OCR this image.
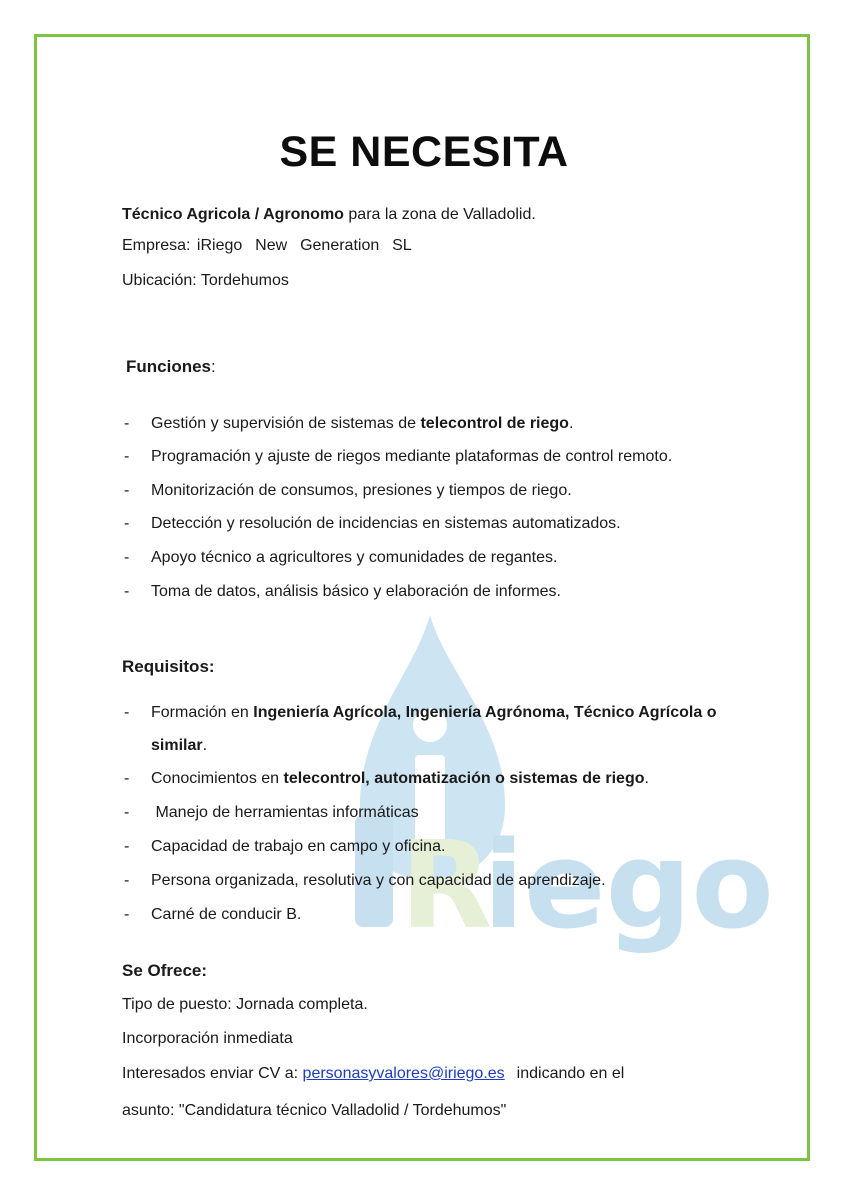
R
iego
SE NECESITA
Técnico Agricola / Agronomo para la zona de Valladolid.
Empresa: iRiego  New  Generation  SL
Ubicación: Tordehumos
Funciones:
- Gestión y supervisión de sistemas de telecontrol de riego.
- Programación y ajuste de riegos mediante plataformas de control remoto.
- Monitorización de consumos, presiones y tiempos de riego.
- Detección y resolución de incidencias en sistemas automatizados.
- Apoyo técnico a agricultores y comunidades de regantes.
- Toma de datos, análisis básico y elaboración de informes.
Requisitos:
- Formación en Ingeniería Agrícola, Ingeniería Agrónoma, Técnico Agrícola o
similar.
- Conocimientos en telecontrol, automatización o sistemas de riego.
- Manejo de herramientas informáticas
- Capacidad de trabajo en campo y oficina.
- Persona organizada, resolutiva y con capacidad de aprendizaje.
- Carné de conducir B.
Se Ofrece:
Tipo de puesto: Jornada completa.
Incorporación inmediata
Interesados enviar CV a: personasyvalores@iriego.es indicando en el
asunto: "Candidatura técnico Valladolid / Tordehumos"
